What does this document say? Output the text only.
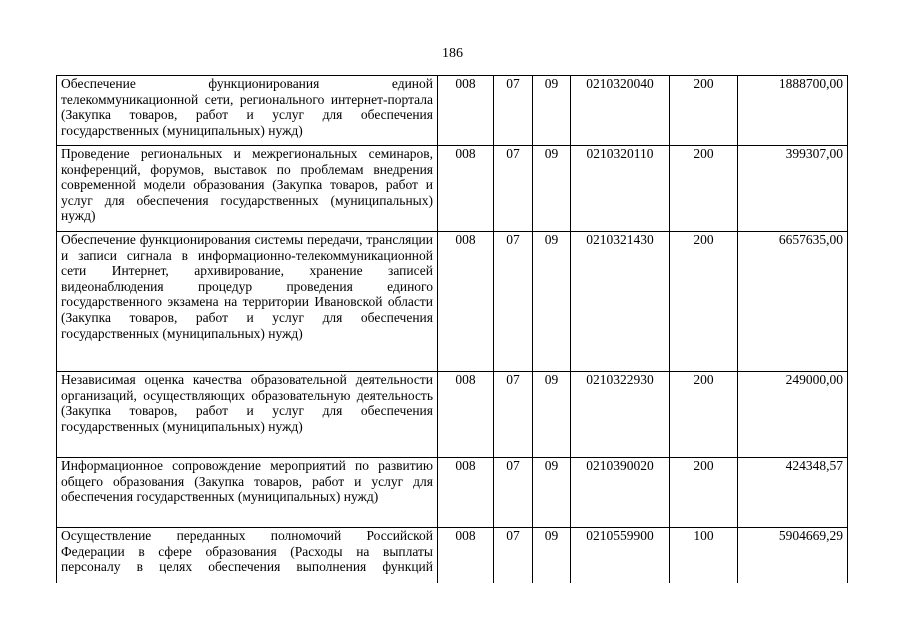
186
Обеспечение функционирования единой телекоммуникационной сети, регионального интернет-портала (Закупка товаров, работ и услуг для обеспечения государственных (муниципальных) нужд)	008	07	09	0210320040	200	1888700,00
Проведение региональных и межрегиональных семинаров, конференций, форумов, выставок по проблемам внедрения современной модели образования (Закупка товаров, работ и услуг для обеспечения государственных (муниципальных) нужд)	008	07	09	0210320110	200	399307,00
Обеспечение функционирования системы передачи, трансляции и записи сигнала в информационно-телекоммуникационной сети Интернет, архивирование, хранение записей видеонаблюдения процедур проведения единого государственного экзамена на территории Ивановской области (Закупка товаров, работ и услуг для обеспечения государственных (муниципальных) нужд)	008	07	09	0210321430	200	6657635,00
Независимая оценка качества образовательной деятельности организаций, осуществляющих образовательную деятельность (Закупка товаров, работ и услуг для обеспечения государственных (муниципальных) нужд)	008	07	09	0210322930	200	249000,00
Информационное сопровождение мероприятий по развитию общего образования (Закупка товаров, работ и услуг для обеспечения государственных (муниципальных) нужд)	008	07	09	0210390020	200	424348,57
Осуществление переданных полномочий Российской Федерации в сфере образования (Расходы на выплаты персоналу в целях обеспечения выполнения функций	008	07	09	0210559900	100	5904669,29
